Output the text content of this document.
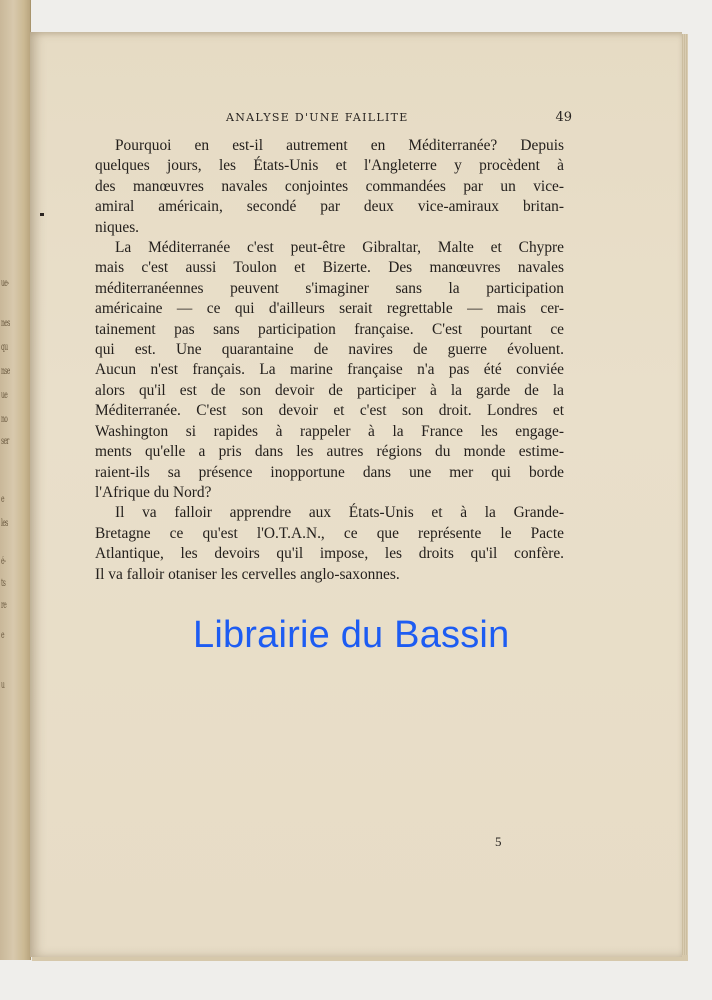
ue-
nes
qu
nse
ue
no
ser
e
les
é-
ts
re
e
u
ANALYSE D'UNE FAILLITE	49

Pourquoi en est-il autrement en Méditerranée? Depuis
quelques jours, les États-Unis et l'Angleterre y procèdent à
des manœuvres navales conjointes commandées par un vice-
amiral américain, secondé par deux vice-amiraux britan-
niques.

La Méditerranée c'est peut-être Gibraltar, Malte et Chypre
mais c'est aussi Toulon et Bizerte. Des manœuvres navales
méditerranéennes peuvent s'imaginer sans la participation
américaine — ce qui d'ailleurs serait regrettable — mais cer-
tainement pas sans participation française. C'est pourtant ce
qui est. Une quarantaine de navires de guerre évoluent.
Aucun n'est français. La marine française n'a pas été conviée
alors qu'il est de son devoir de participer à la garde de la
Méditerranée. C'est son devoir et c'est son droit. Londres et
Washington si rapides à rappeler à la France les engage-
ments qu'elle a pris dans les autres régions du monde estime-
raient-ils sa présence inopportune dans une mer qui borde
l'Afrique du Nord?

Il va falloir apprendre aux États-Unis et à la Grande-
Bretagne ce qu'est l'O.T.A.N., ce que représente le Pacte
Atlantique, les devoirs qu'il impose, les droits qu'il confère.
Il va falloir otaniser les cervelles anglo-saxonnes.

Librairie du Bassin
5
